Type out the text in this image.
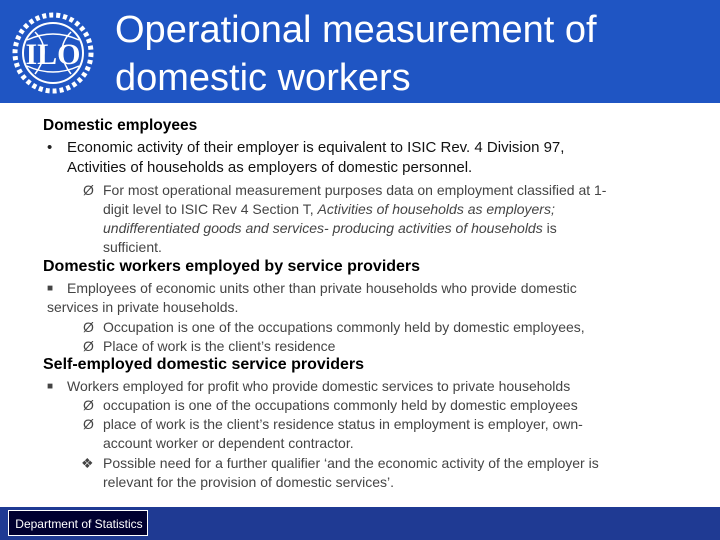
ILO
Operational measurement of
domestic workers
Domestic employees
• Economic activity of their employer is equivalent to ISIC Rev. 4 Division 97,
Activities of households as employers of domestic personnel.
Ø For most operational measurement purposes data on employment classified at 1-
digit level to ISIC Rev 4 Section T, Activities of households as employers;
undifferentiated goods and services- producing activities of households is
sufficient.
Domestic workers employed by service providers
■ Employees of economic units other than private households who provide domestic
services in private households.
Ø Occupation is one of the occupations commonly held by domestic employees,
Ø Place of work is the client’s residence
Self-employed domestic service providers
■ Workers employed for profit who provide domestic services to private households
Ø occupation is one of the occupations commonly held by domestic employees
Ø place of work is the client’s residence status in employment is employer, own-
account worker or dependent contractor.
❖ Possible need for a further qualifier ‘and the economic activity of the employer is
relevant for the provision of domestic services’.
Department of Statistics
